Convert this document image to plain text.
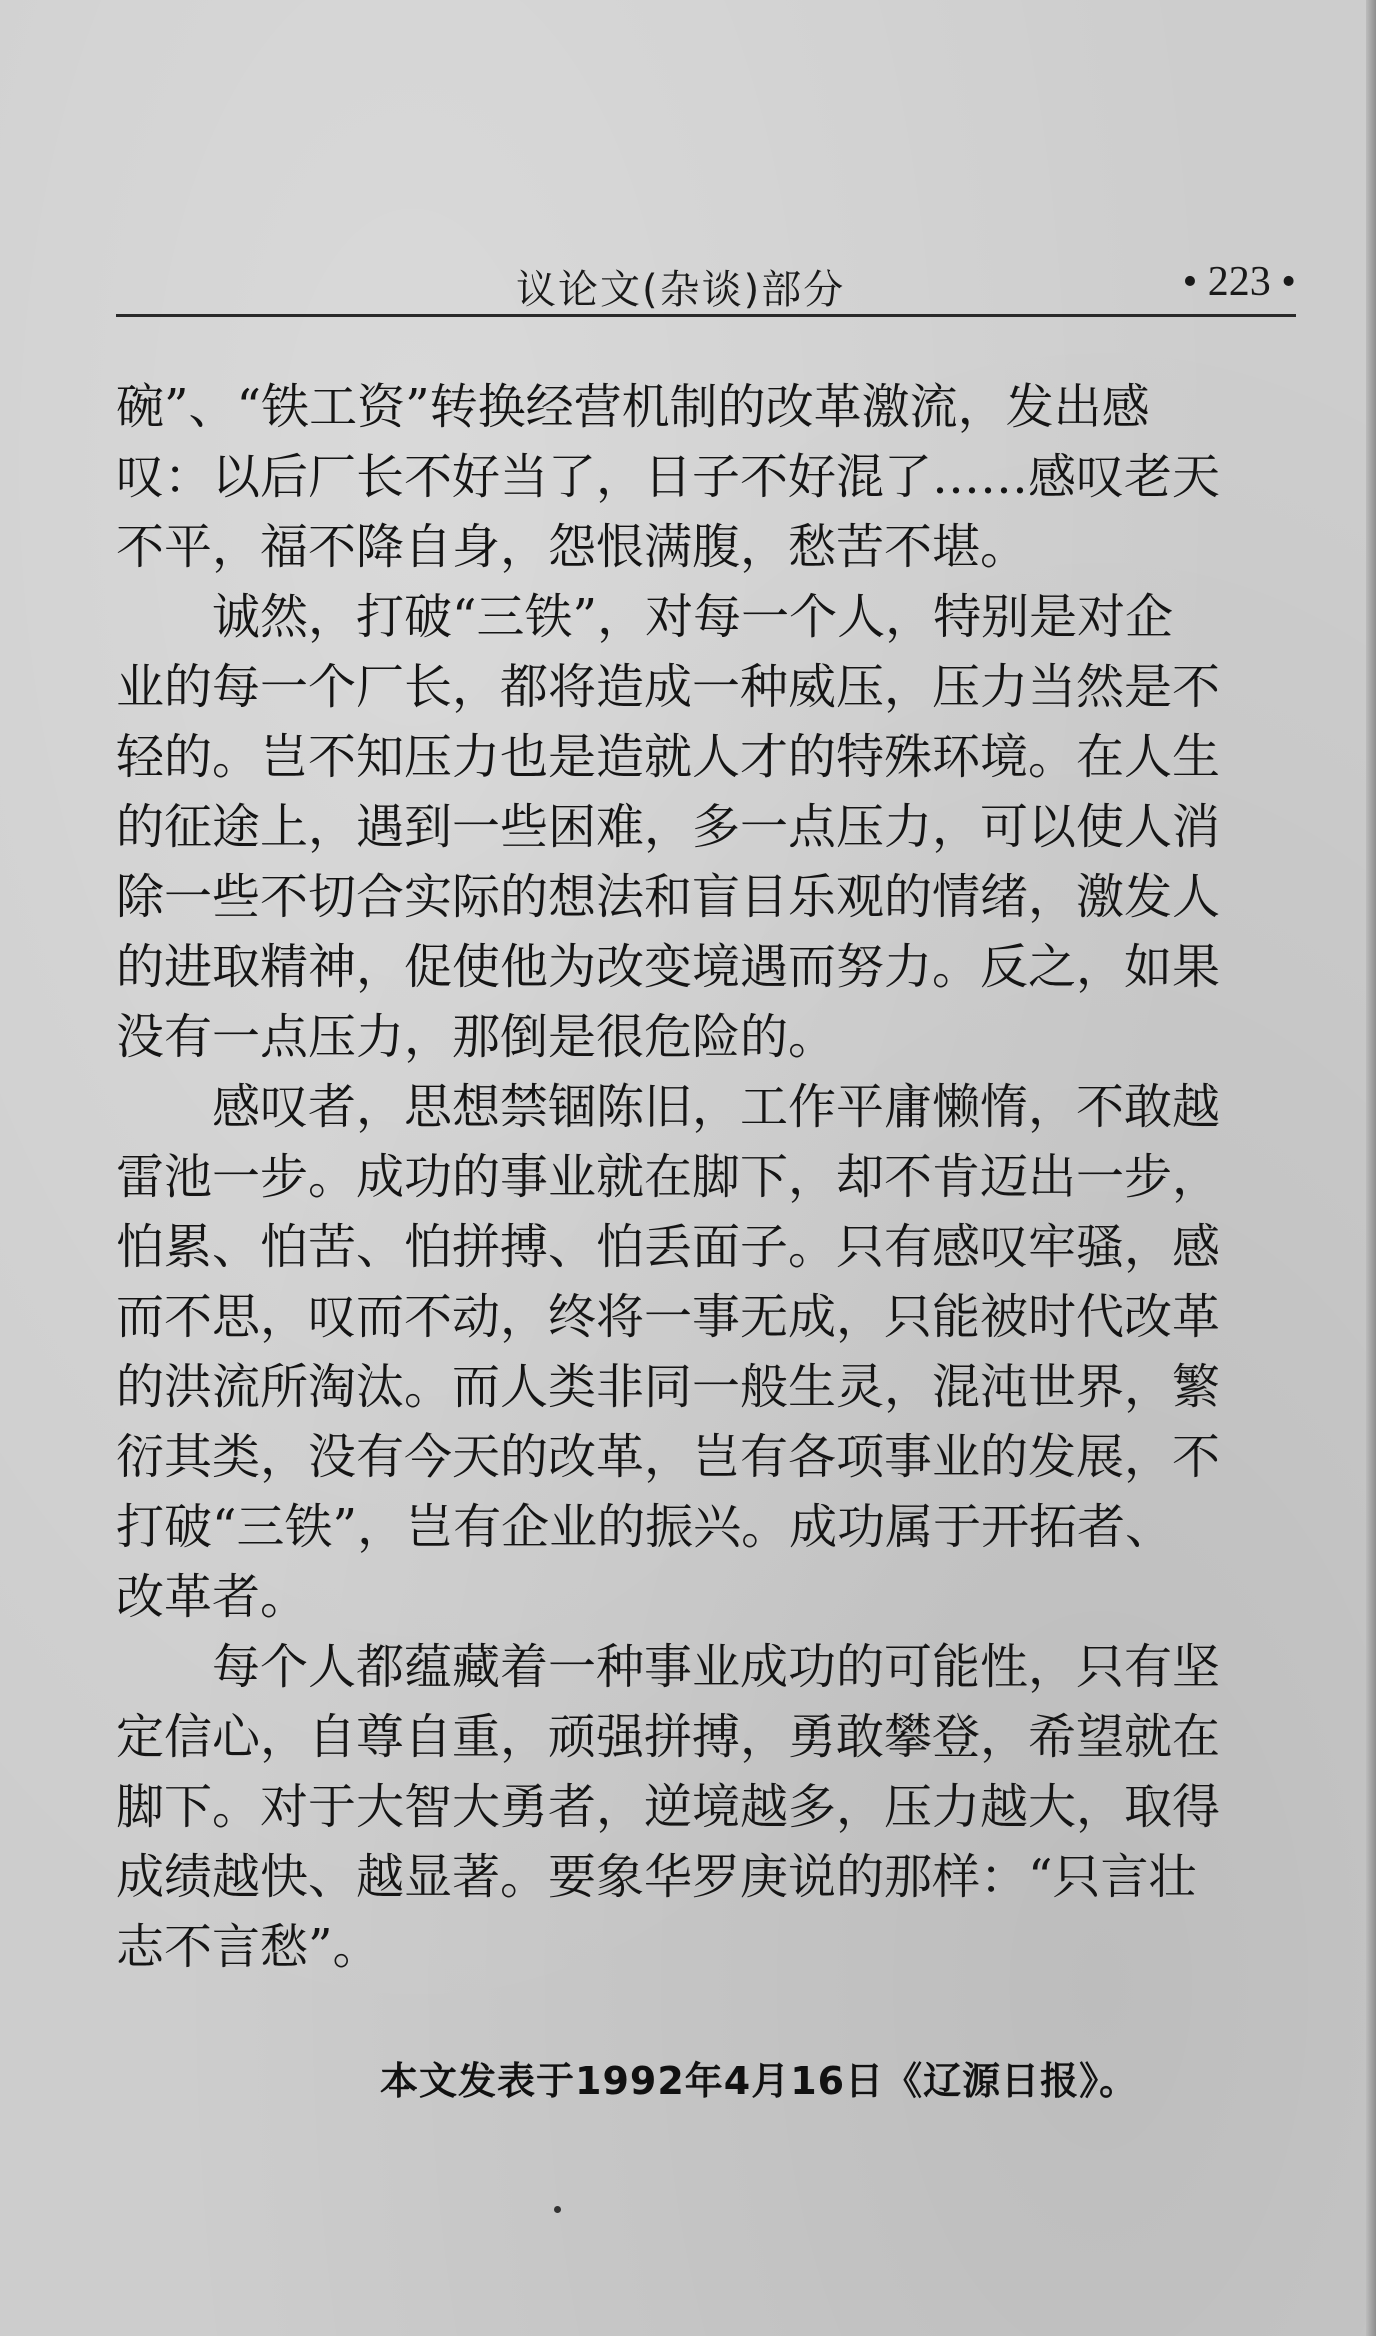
议论文(杂谈)部分	• 223 •
碗”、“铁工资”转换经营机制的改革激流，发出感
叹：以后厂长不好当了，日子不好混了……感叹老天
不平，福不降自身，怨恨满腹，愁苦不堪。
诚然，打破“三铁”，对每一个人，特别是对企
业的每一个厂长，都将造成一种威压，压力当然是不
轻的。岂不知压力也是造就人才的特殊环境。在人生
的征途上，遇到一些困难，多一点压力，可以使人消
除一些不切合实际的想法和盲目乐观的情绪，激发人
的进取精神，促使他为改变境遇而努力。反之，如果
没有一点压力，那倒是很危险的。
感叹者，思想禁锢陈旧，工作平庸懒惰，不敢越
雷池一步。成功的事业就在脚下，却不肯迈出一步，
怕累、怕苦、怕拼搏、怕丢面子。只有感叹牢骚，感
而不思，叹而不动，终将一事无成，只能被时代改革
的洪流所淘汰。而人类非同一般生灵，混沌世界，繁
衍其类，没有今天的改革，岂有各项事业的发展，不
打破“三铁”，岂有企业的振兴。成功属于开拓者、
改革者。
每个人都蕴藏着一种事业成功的可能性，只有坚
定信心，自尊自重，顽强拼搏，勇敢攀登，希望就在
脚下。对于大智大勇者，逆境越多，压力越大，取得
成绩越快、越显著。要象华罗庚说的那样：“只言壮
志不言愁”。
本文发表于1992年4月16日《辽源日报》。
